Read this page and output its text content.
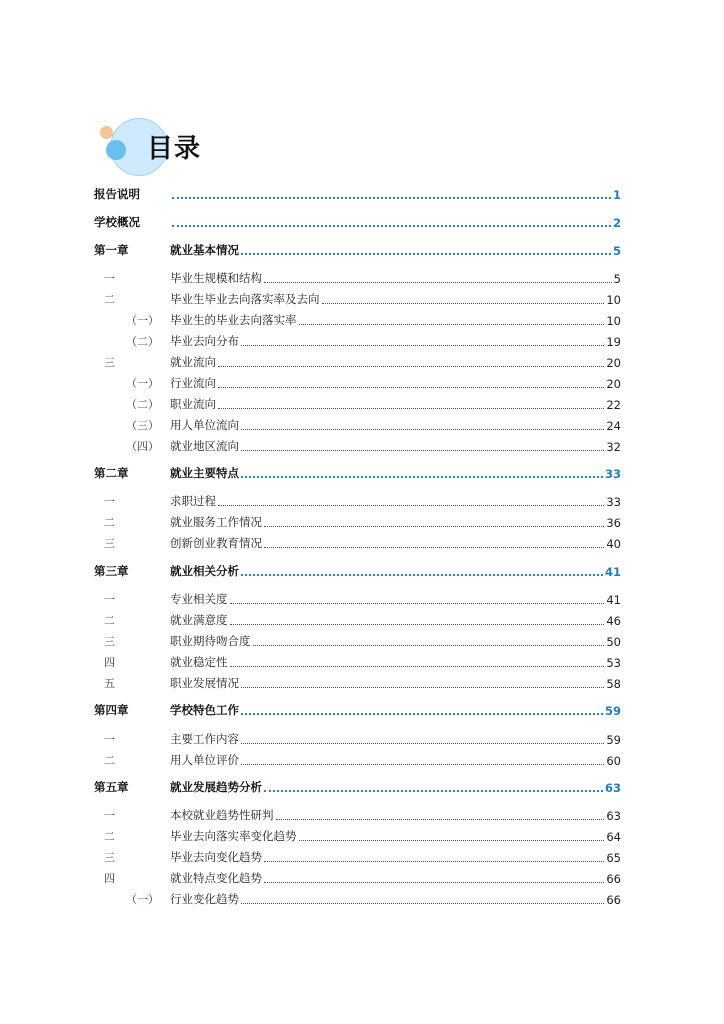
目录
报告说明	1
学校概况	2
第一章	就业基本情况	5
一	毕业生规模和结构	5
二	毕业生毕业去向落实率及去向	10
（一） 毕业生的毕业去向落实率	10
（二） 毕业去向分布	19
三	就业流向	20
（一） 行业流向	20
（二） 职业流向	22
（三） 用人单位流向	24
（四） 就业地区流向	32
第二章	就业主要特点	33
一	求职过程	33
二	就业服务工作情况	36
三	创新创业教育情况	40
第三章	就业相关分析	41
一	专业相关度	41
二	就业满意度	46
三	职业期待吻合度	50
四	就业稳定性	53
五	职业发展情况	58
第四章	学校特色工作	59
一	主要工作内容	59
二	用人单位评价	60
第五章	就业发展趋势分析	63
一	本校就业趋势性研判	63
二	毕业去向落实率变化趋势	64
三	毕业去向变化趋势	65
四	就业特点变化趋势	66
（一） 行业变化趋势	66
